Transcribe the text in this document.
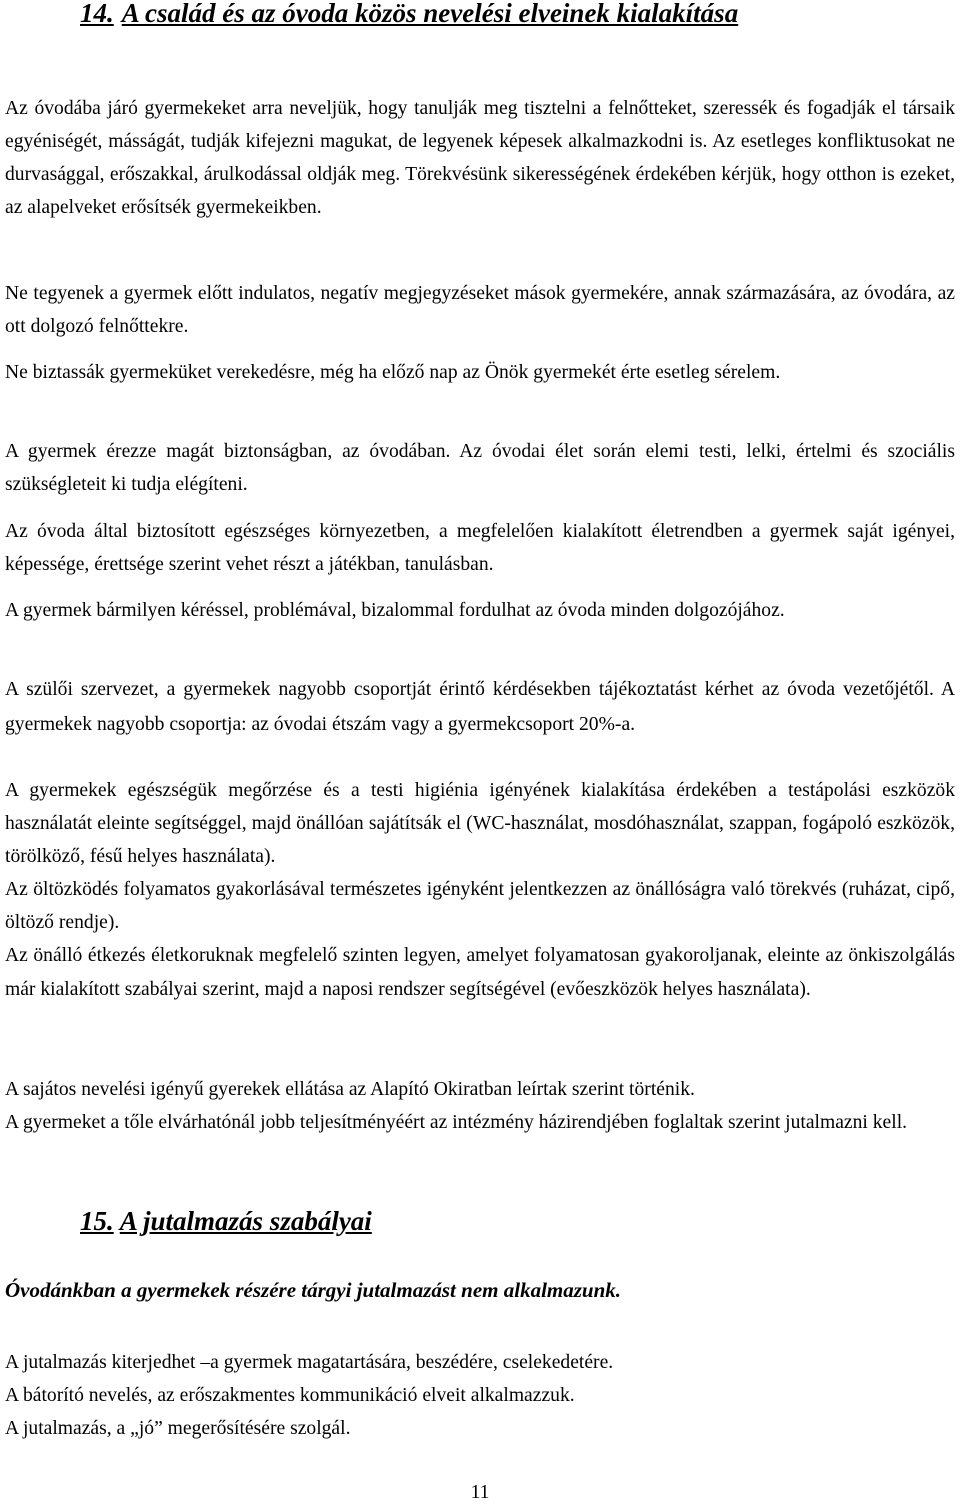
14. A család és az óvoda közös nevelési elveinek kialakítása

Az óvodába járó gyermekeket arra neveljük, hogy tanulják meg tisztelni a felnőtteket, szeressék és fogadják el társaik egyéniségét, másságát, tudják kifejezni magukat, de legyenek képesek alkalmazkodni is. Az esetleges konfliktusokat ne durvasággal, erőszakkal, árulkodással oldják meg. Törekvésünk sikerességének érdekében kérjük, hogy otthon is ezeket, az alapelveket erősítsék gyermekeikben.

Ne tegyenek a gyermek előtt indulatos, negatív megjegyzéseket mások gyermekére, annak származására, az óvodára, az ott dolgozó felnőttekre.

Ne biztassák gyermeküket verekedésre, még ha előző nap az Önök gyermekét érte esetleg sérelem.

A gyermek érezze magát biztonságban, az óvodában. Az óvodai élet során elemi testi, lelki, értelmi és szociális szükségleteit ki tudja elégíteni.

Az óvoda által biztosított egészséges környezetben, a megfelelően kialakított életrendben a gyermek saját igényei, képessége, érettsége szerint vehet részt a játékban, tanulásban.

A gyermek bármilyen kéréssel, problémával, bizalommal fordulhat az óvoda minden dolgozójához.

A szülői szervezet, a gyermekek nagyobb csoportját érintő kérdésekben tájékoztatást kérhet az óvoda vezetőjétől. A gyermekek nagyobb csoportja: az óvodai étszám vagy a gyermekcsoport 20%-a.

A gyermekek egészségük megőrzése és a testi higiénia igényének kialakítása érdekében a testápolási eszközök használatát eleinte segítséggel, majd önállóan sajátítsák el (WC-használat, mosdóhasználat, szappan, fogápoló eszközök, törölköző, fésű helyes használata).

Az öltözködés folyamatos gyakorlásával természetes igényként jelentkezzen az önállóságra való törekvés (ruházat, cipő, öltöző rendje).

Az önálló étkezés életkoruknak megfelelő szinten legyen, amelyet folyamatosan gyakoroljanak, eleinte az önkiszolgálás már kialakított szabályai szerint, majd a naposi rendszer segítségével (evőeszközök helyes használata).

A sajátos nevelési igényű gyerekek ellátása az Alapító Okiratban leírtak szerint történik.

A gyermeket a tőle elvárhatónál jobb teljesítményéért az intézmény házirendjében foglaltak szerint jutalmazni kell.

15. A jutalmazás szabályai

Óvodánkban a gyermekek részére tárgyi jutalmazást nem alkalmazunk.

A jutalmazás kiterjedhet –a gyermek magatartására, beszédére, cselekedetére.

A bátorító nevelés, az erőszakmentes kommunikáció elveit alkalmazzuk.

A jutalmazás, a „jó” megerősítésére szolgál.

11
